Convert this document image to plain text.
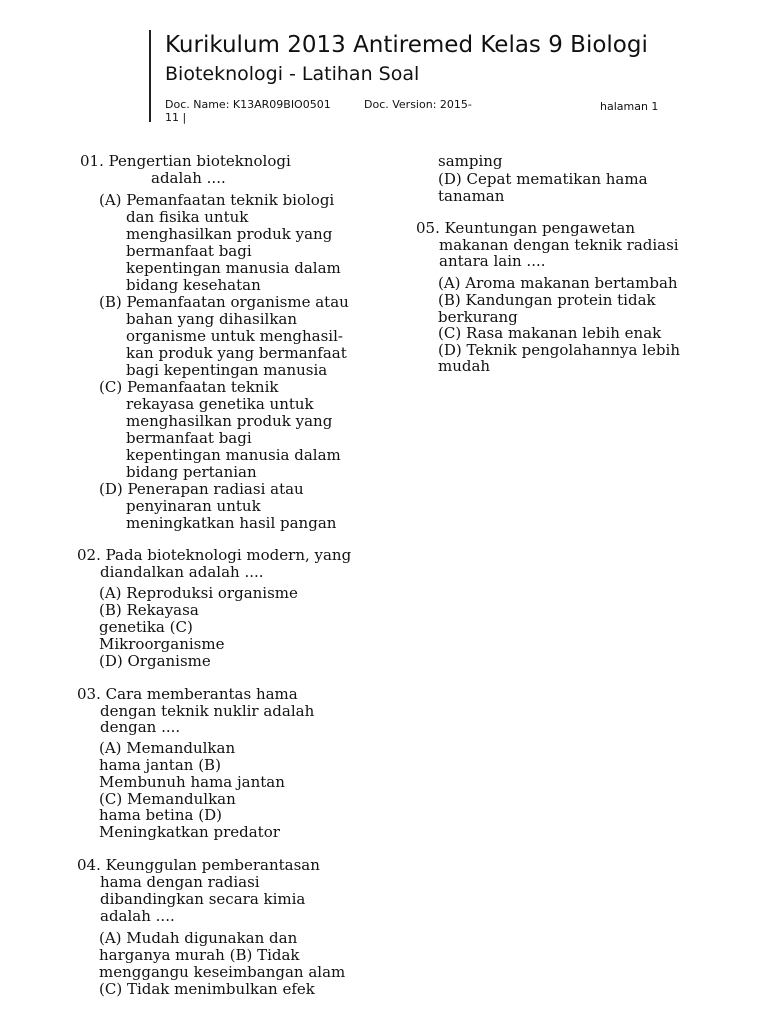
Kurikulum 2013 Antiremed Kelas 9 Biologi
Bioteknologi - Latihan Soal
Doc. Name: K13AR09BIO0501	Doc. Version: 2015-
11 |
halaman 1
01. Pengertian bioteknologi
adalah ....
(A) Pemanfaatan teknik biologi
dan fisika untuk
menghasilkan produk yang
bermanfaat bagi
kepentingan manusia dalam
bidang kesehatan
(B) Pemanfaatan organisme atau
bahan yang dihasilkan
organisme untuk menghasil-
kan produk yang bermanfaat
bagi kepentingan manusia
(C) Pemanfaatan teknik
rekayasa genetika untuk
menghasilkan produk yang
bermanfaat bagi
kepentingan manusia dalam
bidang pertanian
(D) Penerapan radiasi atau
penyinaran untuk
meningkatkan hasil pangan
02. Pada bioteknologi modern, yang
diandalkan adalah ....
(A) Reproduksi organisme
(B) Rekayasa
genetika (C)
Mikroorganisme
(D) Organisme
03. Cara memberantas hama
dengan teknik nuklir adalah
dengan ....
(A) Memandulkan
hama jantan (B)
Membunuh hama jantan
(C) Memandulkan
hama betina (D)
Meningkatkan predator
04. Keunggulan pemberantasan
hama dengan radiasi
dibandingkan secara kimia
adalah ....
(A) Mudah digunakan dan
harganya murah (B) Tidak
menggangu keseimbangan alam
(C) Tidak menimbulkan efek
samping
(D) Cepat mematikan hama
tanaman
05. Keuntungan pengawetan
makanan dengan teknik radiasi
antara lain ....
(A) Aroma makanan bertambah
(B) Kandungan protein tidak
berkurang
(C) Rasa makanan lebih enak
(D) Teknik pengolahannya lebih
mudah
